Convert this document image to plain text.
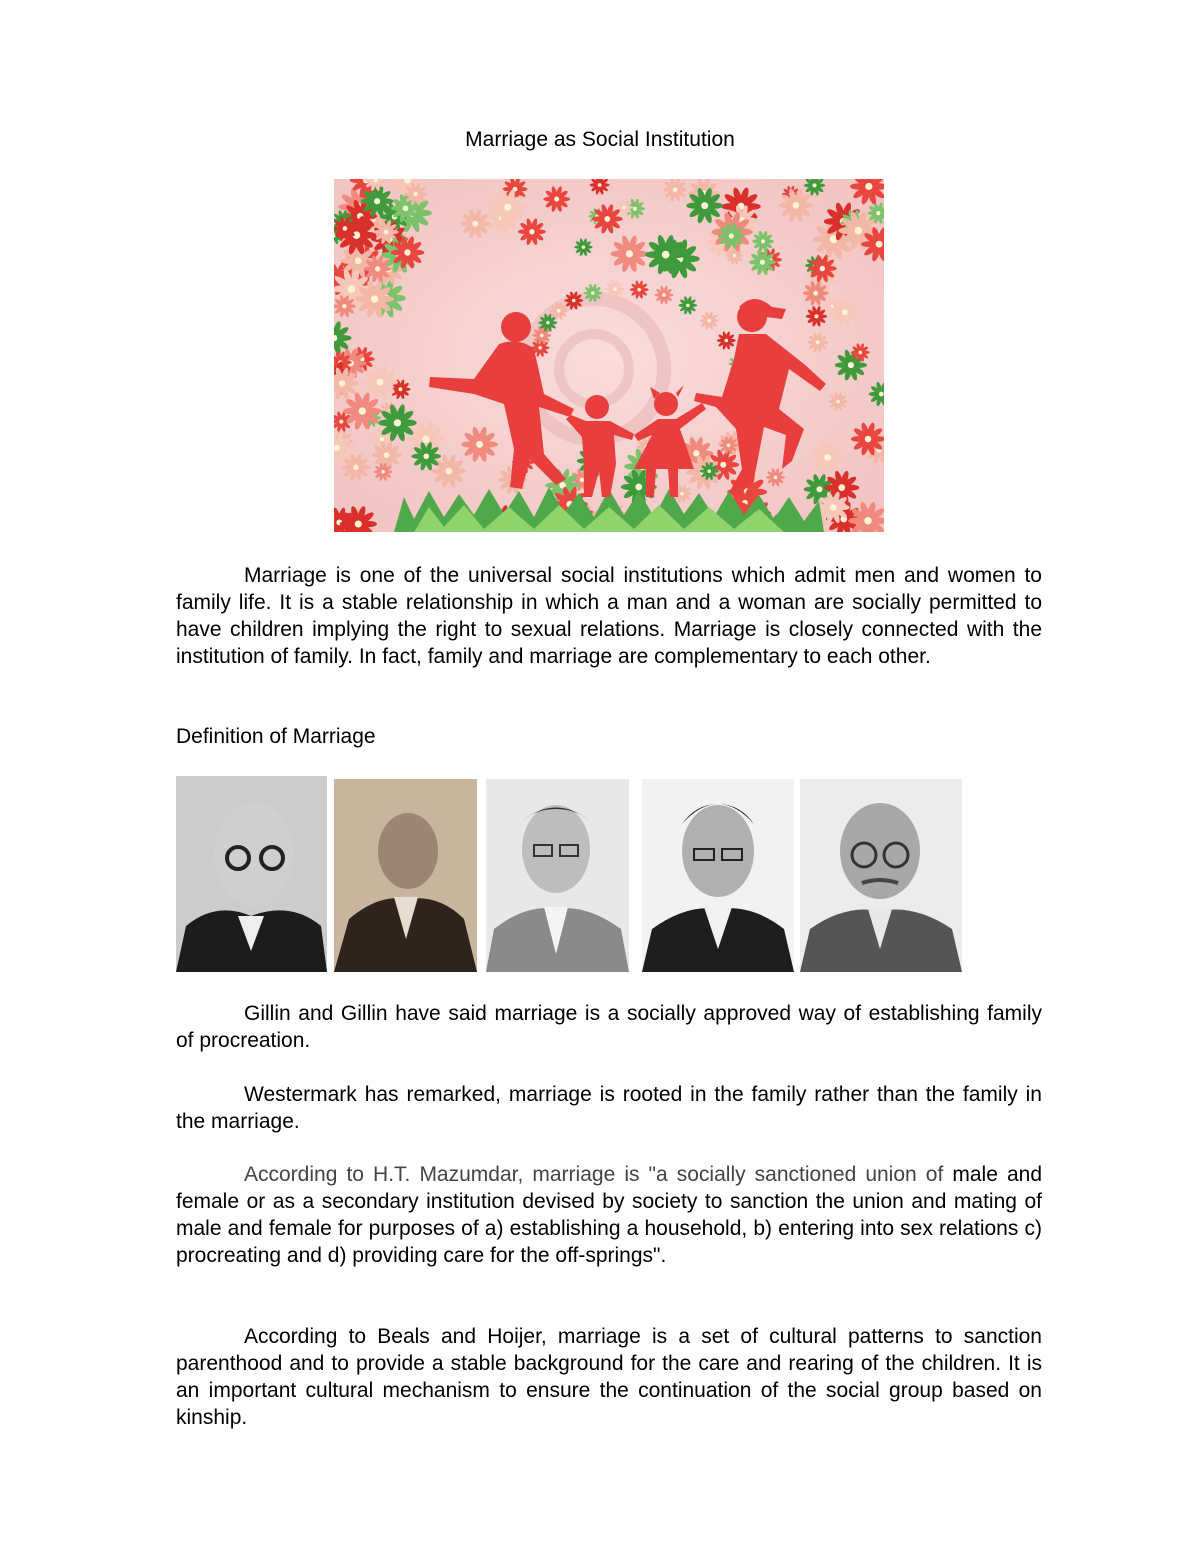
Marriage as Social Institution

Marriage is one of the universal social institutions which admit men and women to family life. It is a stable relationship in which a man and a woman are socially permitted to have children implying the right to sexual relations. Marriage is closely connected with the institution of family. In fact, family and marriage are complementary to each other.

Definition of Marriage

Gillin and Gillin have said marriage is a socially approved way of establishing family of procreation.

Westermark has remarked, marriage is rooted in the family rather than the family in the marriage.

According to H.T. Mazumdar, marriage is "a socially sanctioned union of male and female or as a secondary institution devised by society to sanction the union and mating of male and female for purposes of a) establishing a household, b) entering into sex relations c) procreating and d) providing care for the off-springs".

According to Beals and Hoijer, marriage is a set of cultural patterns to sanction parenthood and to provide a stable background for the care and rearing of the children. It is an important cultural mechanism to ensure the continuation of the social group based on kinship.
